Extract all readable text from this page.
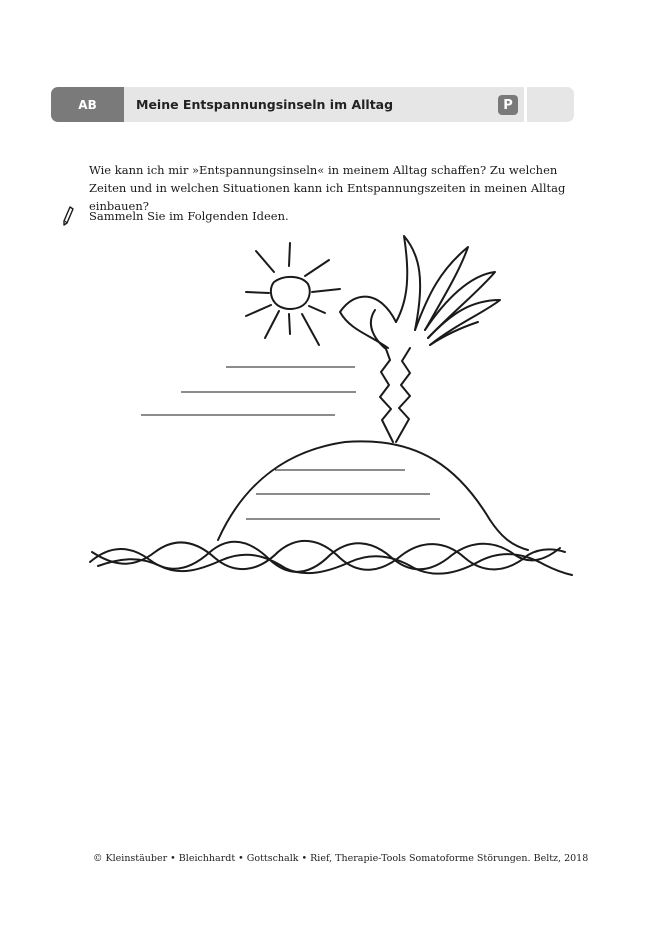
AB	Meine Entspannungsinseln im Alltag	P

Wie kann ich mir »Entspannungsinseln« in meinem Alltag schaffen? Zu welchen Zeiten und in welchen Situationen kann ich Entspannungszeiten in meinen Alltag einbauen?

Sammeln Sie im Folgenden Ideen.

© Kleinstäuber • Bleichhardt • Gottschalk • Rief, Therapie-Tools Somatoforme Störungen. Beltz, 2018
